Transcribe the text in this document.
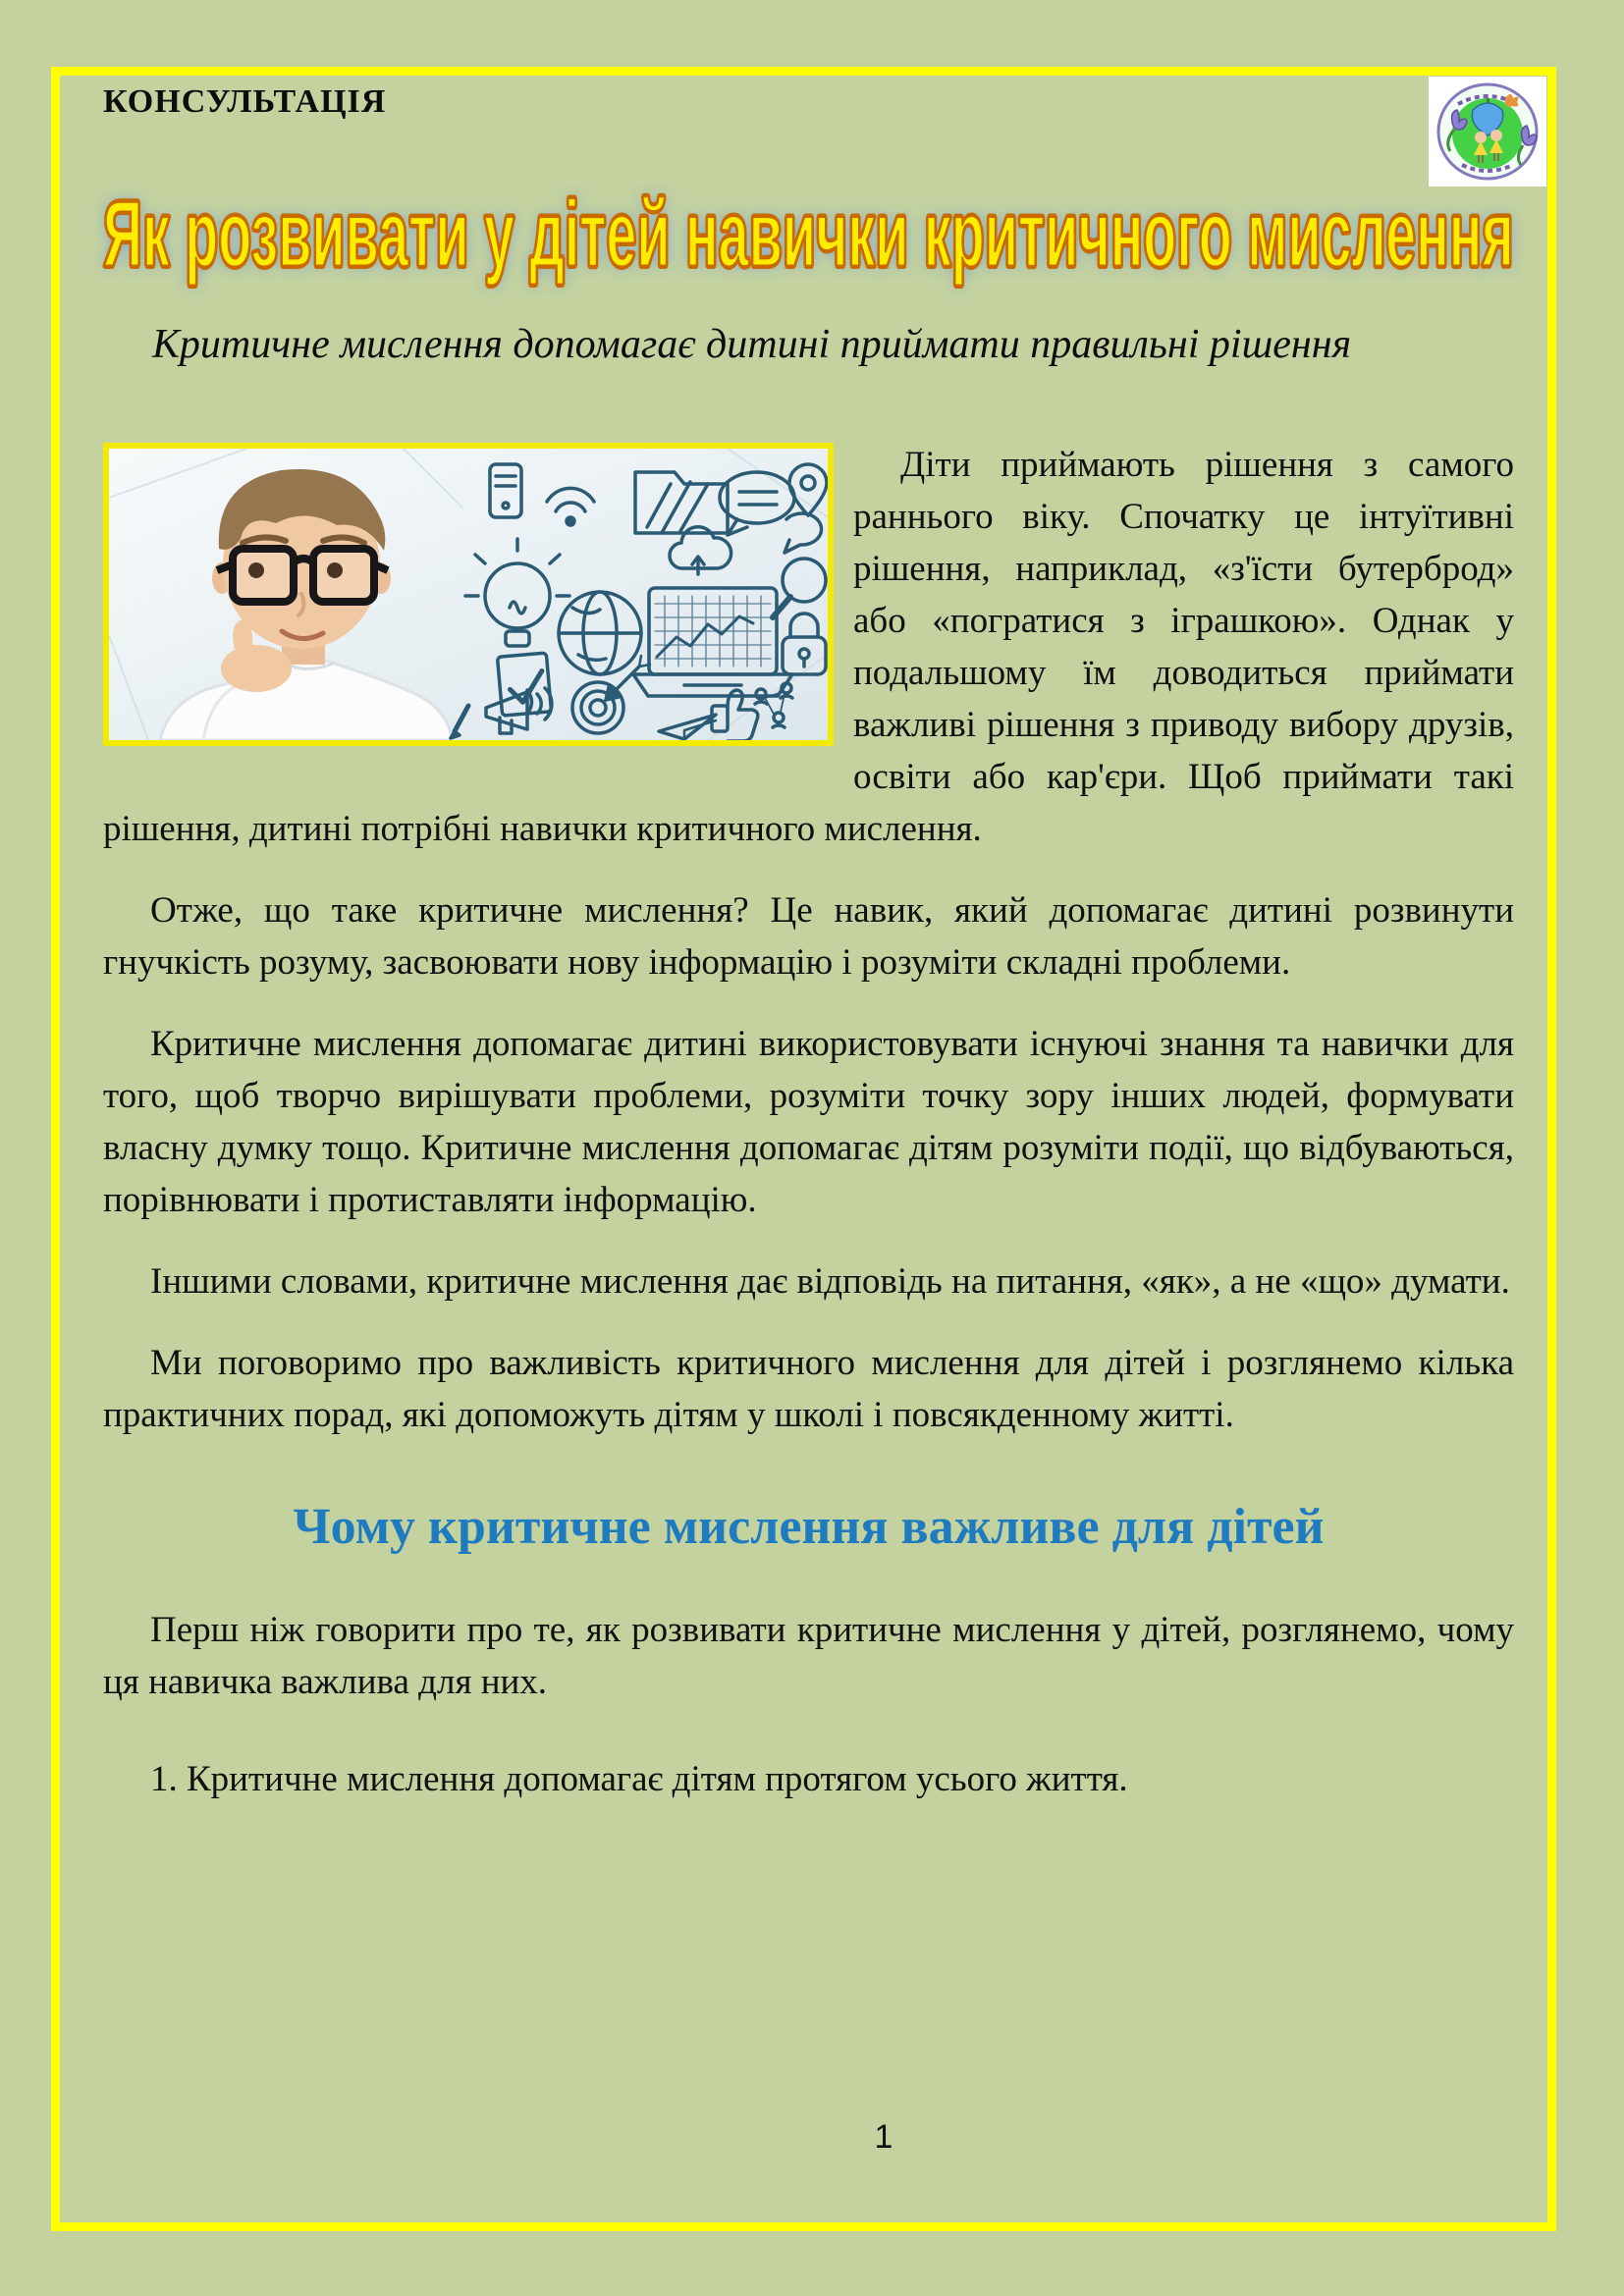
КОНСУЛЬТАЦІЯ
Як розвивати у дітей навички критичного мислення
Критичне мислення допомагає дитині приймати правильні рішення

Діти приймають рішення з самого раннього віку. Спочатку це інтуїтивні рішення, наприклад, «з'їсти бутерброд» або «погратися з іграшкою». Однак у подальшому їм доводиться приймати важливі рішення з приводу вибору друзів, освіти або кар'єри. Щоб приймати такі рішення, дитині потрібні навички критичного мислення.

Отже, що таке критичне мислення? Це навик, який допомагає дитині розвинути гнучкість розуму, засвоювати нову інформацію і розуміти складні проблеми.

Критичне мислення допомагає дитині використовувати існуючі знання та навички для того, щоб творчо вирішувати проблеми, розуміти точку зору інших людей, формувати власну думку тощо. Критичне мислення допомагає дітям розуміти події, що відбуваються, порівнювати і протиставляти інформацію.

Іншими словами, критичне мислення дає відповідь на питання, «як», а не «що» думати.

Ми поговоримо про важливість критичного мислення для дітей і розглянемо кілька практичних порад, які допоможуть дітям у школі і повсякденному житті.

Чому критичне мислення важливе для дітей

Перш ніж говорити про те, як розвивати критичне мислення у дітей, розглянемо, чому ця навичка важлива для них.

1. Критичне мислення допомагає дітям протягом усього життя.

1
